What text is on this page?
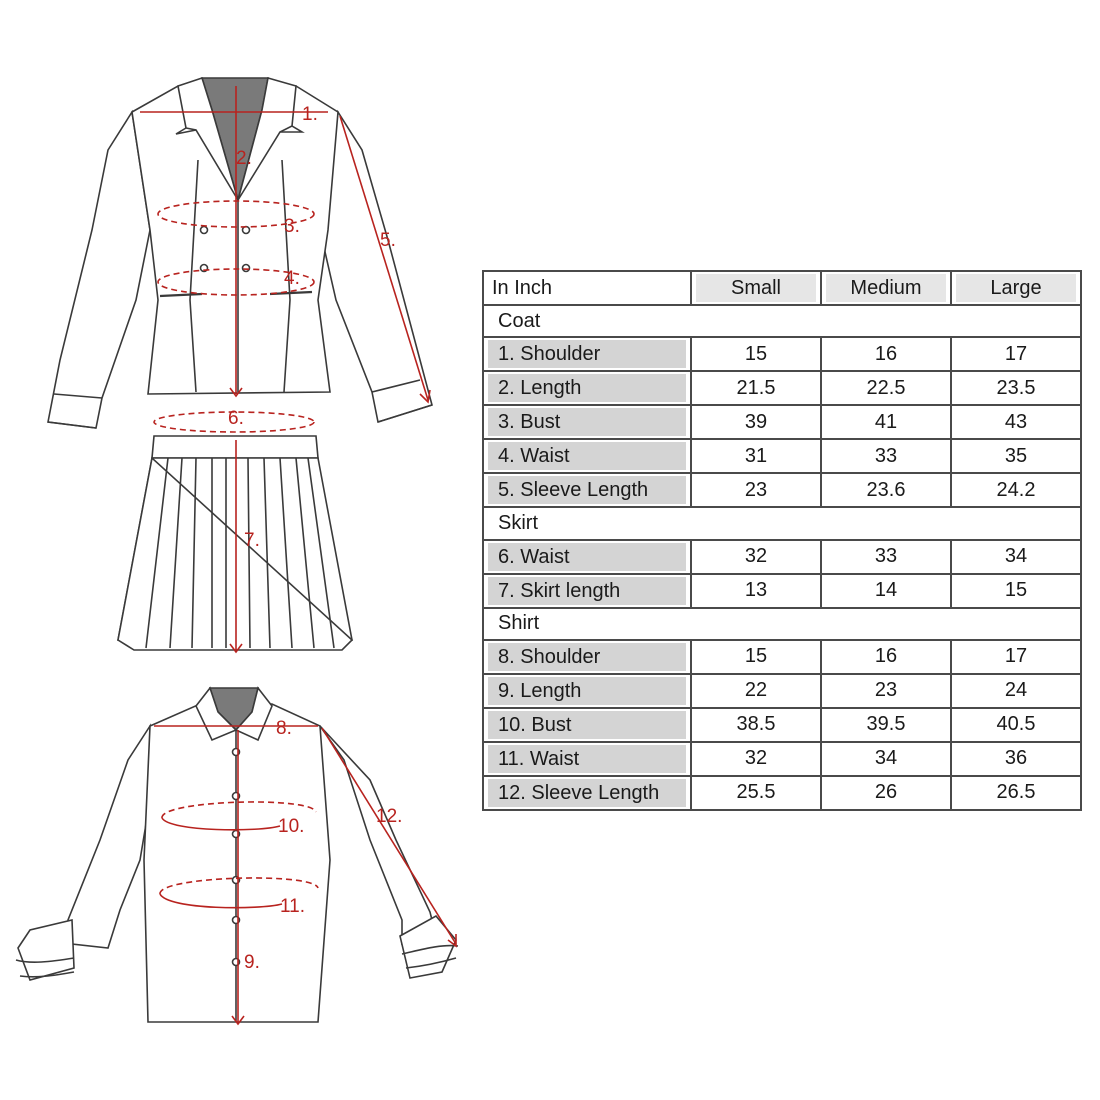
1.
2.
3.
4.
5.
6.
7.
8.
9.
10.
11.
12.
In Inch	Small	Medium	Large

Coat			

1. Shoulder	15	16	17

2. Length	21.5	22.5	23.5

3. Bust	39	41	43

4. Waist	31	33	35

5. Sleeve Length	23	23.6	24.2
Skirt			

6. Waist	32	33	34

7. Skirt length	13	14	15
Shirt			

8. Shoulder	15	16	17

9. Length	22	23	24

10. Bust	38.5	39.5	40.5

11. Waist	32	34	36

12. Sleeve Length	25.5	26	26.5
